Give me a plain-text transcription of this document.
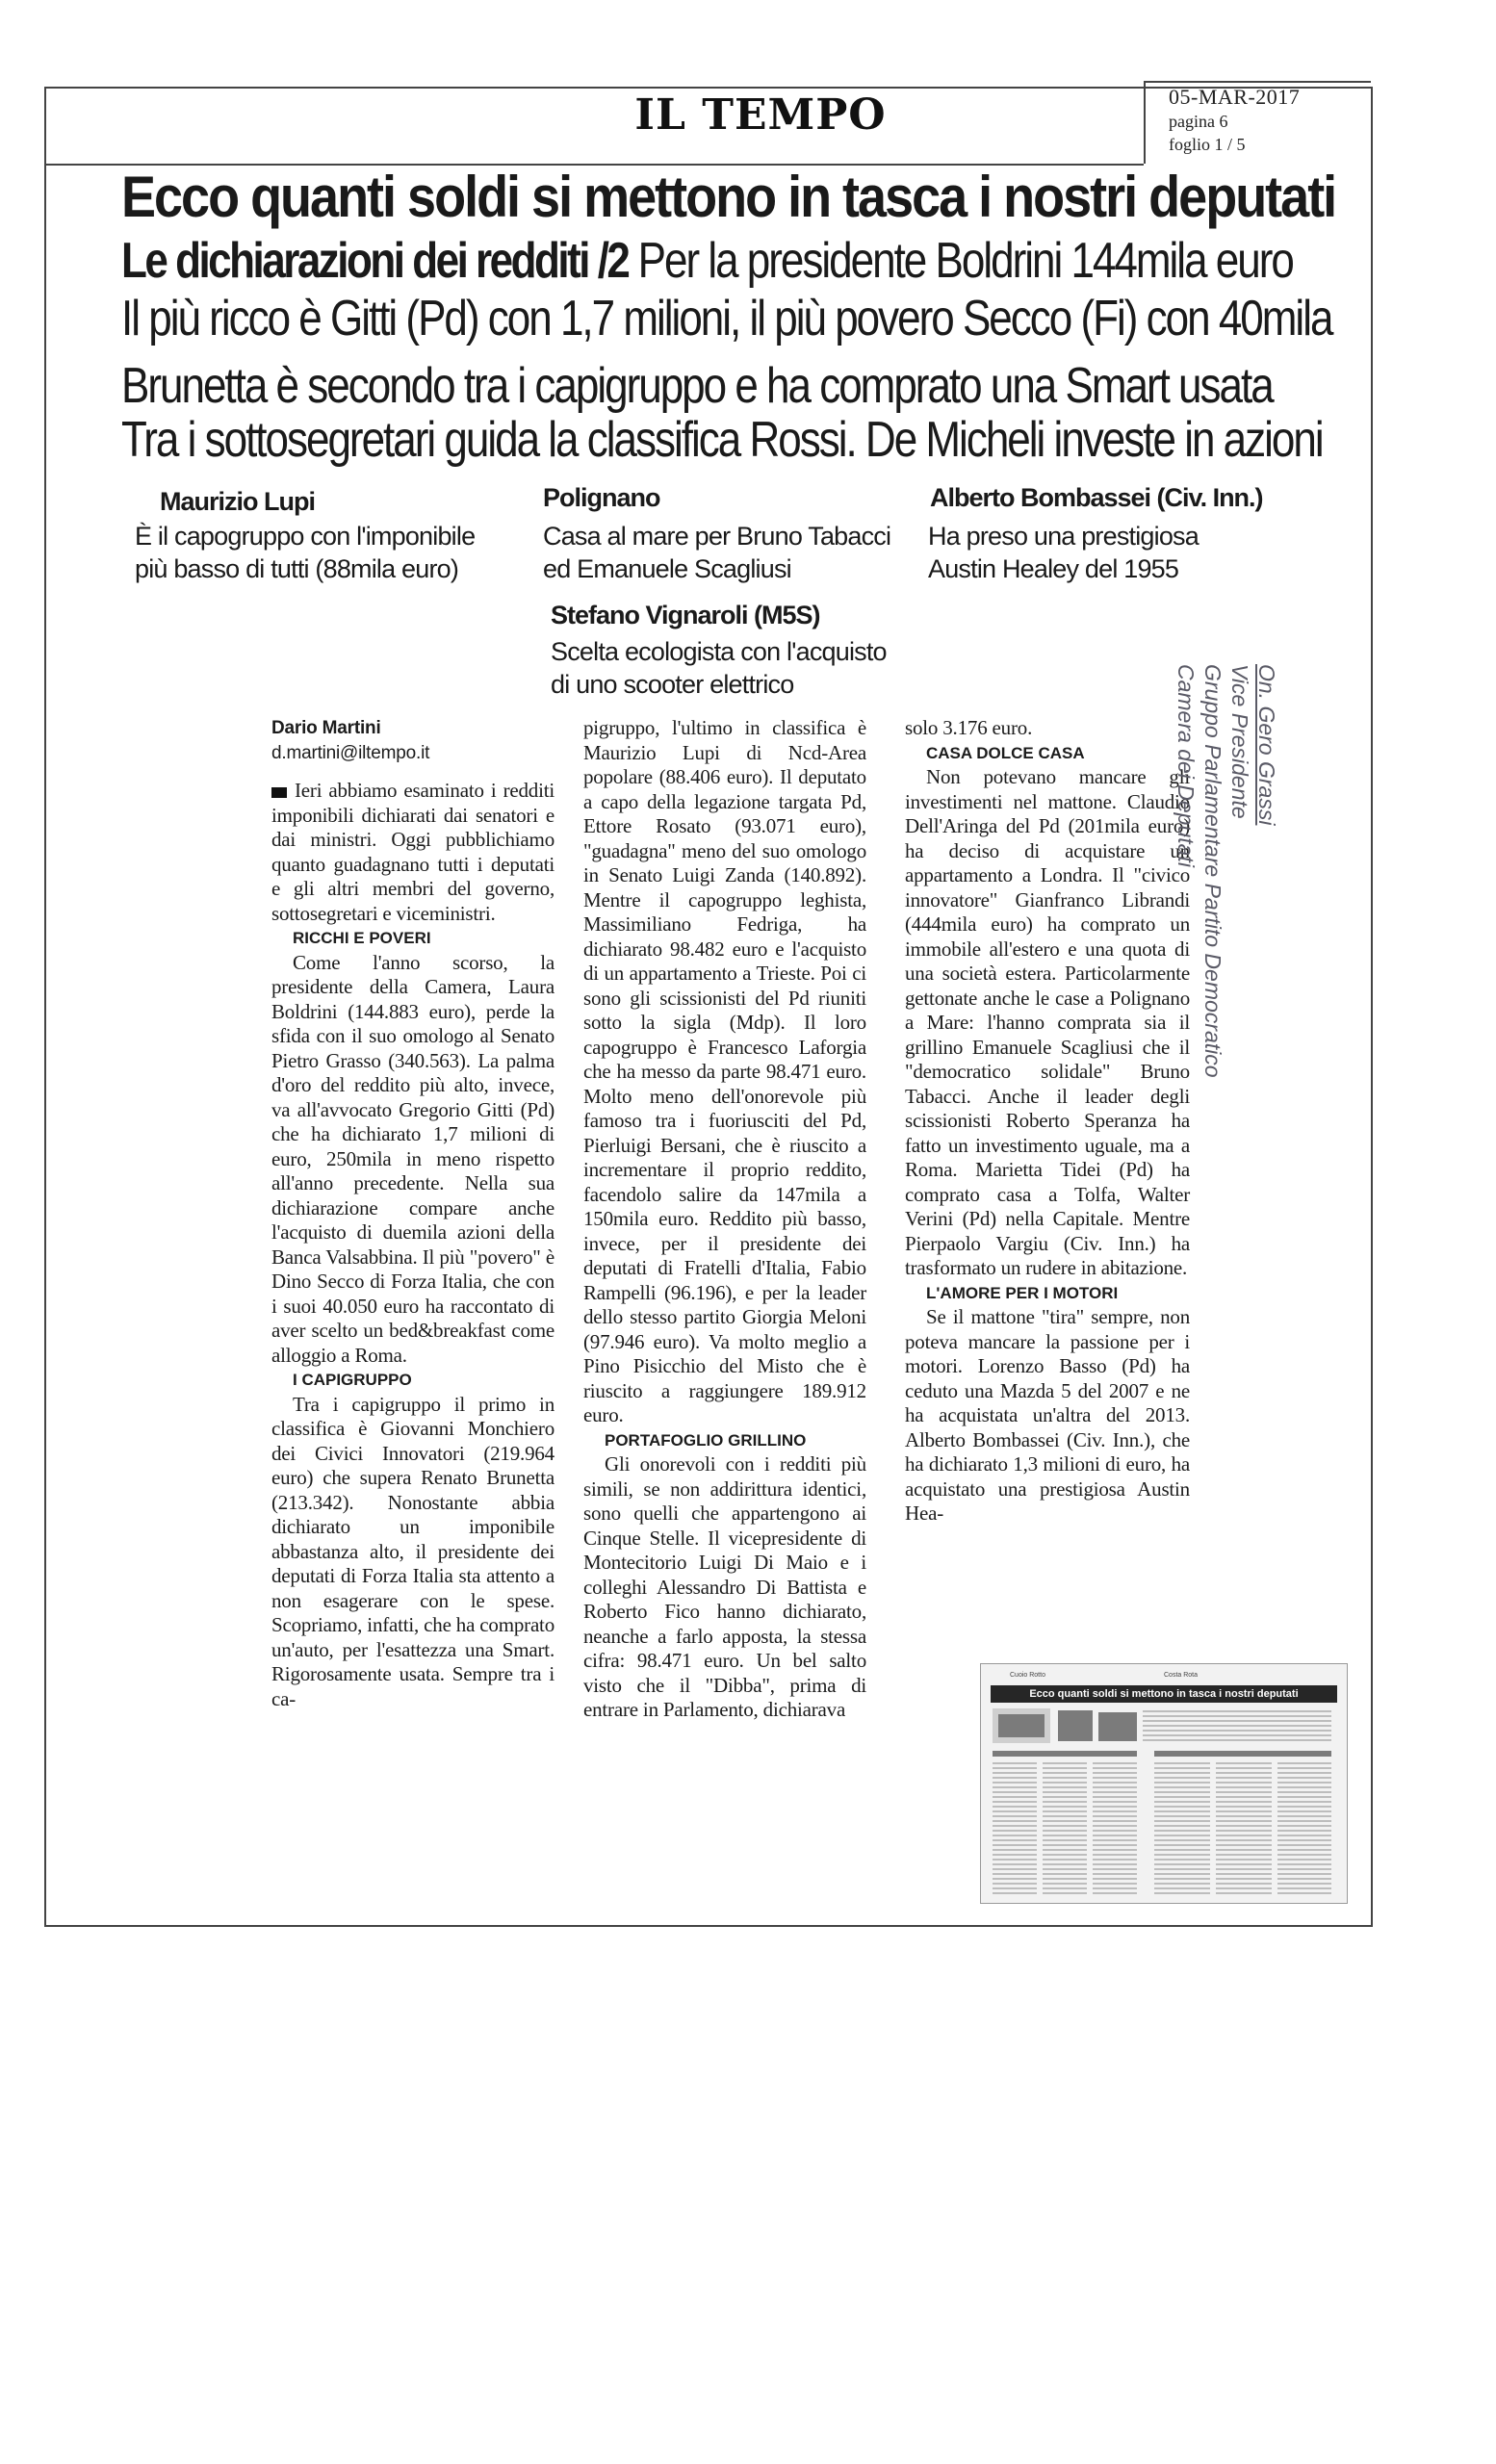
IL TEMPO	05-MAR-2017
pagina 6
foglio 1 / 5
Ecco quanti soldi si mettono in tasca i nostri deputati
Le dichiarazioni dei redditi /2 Per la presidente Boldrini 144mila euro
Il più ricco è Gitti (Pd) con 1,7 milioni, il più povero Secco (Fi) con 40mila
Brunetta è secondo tra i capigruppo e ha comprato una Smart usata
Tra i sottosegretari guida la classifica Rossi. De Micheli investe in azioni
Maurizio Lupi
È il capogruppo con l'imponibile
più basso di tutti (88mila euro)
Polignano
Casa al mare per Bruno Tabacci
ed Emanuele Scagliusi
Alberto Bombassei (Civ. Inn.)
Ha preso una prestigiosa
Austin Healey del 1955
Stefano Vignaroli (M5S)
Scelta ecologista con l'acquisto
di uno scooter elettrico
Dario Martini
d.martini@iltempo.it

Ieri abbiamo esaminato i redditi imponibili dichiarati dai senatori e dai ministri. Oggi pubblichiamo quanto guadagnano tutti i deputati e gli altri membri del governo, sottosegretari e viceministri.

RICCHI E POVERI

Come l'anno scorso, la presidente della Camera, Laura Boldrini (144.883 euro), perde la sfida con il suo omologo al Senato Pietro Grasso (340.563). La palma d'oro del reddito più alto, invece, va all'avvocato Gregorio Gitti (Pd) che ha dichiarato 1,7 milioni di euro, 250mila in meno rispetto all'anno precedente. Nella sua dichiarazione compare anche l'acquisto di duemila azioni della Banca Valsabbina. Il più "povero" è Dino Secco di Forza Italia, che con i suoi 40.050 euro ha raccontato di aver scelto un bed&breakfast come alloggio a Roma.

I CAPIGRUPPO

Tra i capigruppo il primo in classifica è Giovanni Monchiero dei Civici Innovatori (219.964 euro) che supera Renato Brunetta (213.342). Nonostante abbia dichiarato un imponibile abbastanza alto, il presidente dei deputati di Forza Italia sta attento a non esagerare con le spese. Scopriamo, infatti, che ha comprato un'auto, per l'esattezza una Smart. Rigorosamente usata. Sempre tra i ca-

pigruppo, l'ultimo in classifica è Maurizio Lupi di Ncd-Area popolare (88.406 euro). Il deputato a capo della legazione targata Pd, Ettore Rosato (93.071 euro), "guadagna" meno del suo omologo in Senato Luigi Zanda (140.892). Mentre il capogruppo leghista, Massimiliano Fedriga, ha dichiarato 98.482 euro e l'acquisto di un appartamento a Trieste. Poi ci sono gli scissionisti del Pd riuniti sotto la sigla (Mdp). Il loro capogruppo è Francesco Laforgia che ha messo da parte 98.471 euro. Molto meno dell'onorevole più famoso tra i fuoriusciti del Pd, Pierluigi Bersani, che è riuscito a incrementare il proprio reddito, facendolo salire da 147mila a 150mila euro. Reddito più basso, invece, per il presidente dei deputati di Fratelli d'Italia, Fabio Rampelli (96.196), e per la leader dello stesso partito Giorgia Meloni (97.946 euro). Va molto meglio a Pino Pisicchio del Misto che è riuscito a raggiungere 189.912 euro.

PORTAFOGLIO GRILLINO

Gli onorevoli con i redditi più simili, se non addirittura identici, sono quelli che appartengono ai Cinque Stelle. Il vicepresidente di Montecitorio Luigi Di Maio e i colleghi Alessandro Di Battista e Roberto Fico hanno dichiarato, neanche a farlo apposta, la stessa cifra: 98.471 euro. Un bel salto visto che il "Dibba", prima di entrare in Parlamento, dichiarava

solo 3.176 euro.

CASA DOLCE CASA

Non potevano mancare gli investimenti nel mattone. Claudio Dell'Aringa del Pd (201mila euro) ha deciso di acquistare un appartamento a Londra. Il "civico innovatore" Gianfranco Librandi (444mila euro) ha comprato un immobile all'estero e una quota di una società estera. Particolarmente gettonate anche le case a Polignano a Mare: l'hanno comprata sia il grillino Emanuele Scagliusi che il "democratico solidale" Bruno Tabacci. Anche il leader degli scissionisti Roberto Speranza ha fatto un investimento uguale, ma a Roma. Marietta Tidei (Pd) ha comprato casa a Tolfa, Walter Verini (Pd) nella Capitale. Mentre Pierpaolo Vargiu (Civ. Inn.) ha trasformato un rudere in abitazione.

L'AMORE PER I MOTORI

Se il mattone "tira" sempre, non poteva mancare la passione per i motori. Lorenzo Basso (Pd) ha ceduto una Mazda 5 del 2007 e ne ha acquistata un'altra del 2013. Alberto Bombassei (Civ. Inn.), che ha dichiarato 1,3 milioni di euro, ha acquistato una prestigiosa Austin Hea-

On. Gero Grassi
Vice Presidente
Gruppo Parlamentare Partito Democratico
Camera dei Deputati
Cuoio Rotto	Costa Rota
Ecco quanti soldi si mettono in tasca i nostri deputati
